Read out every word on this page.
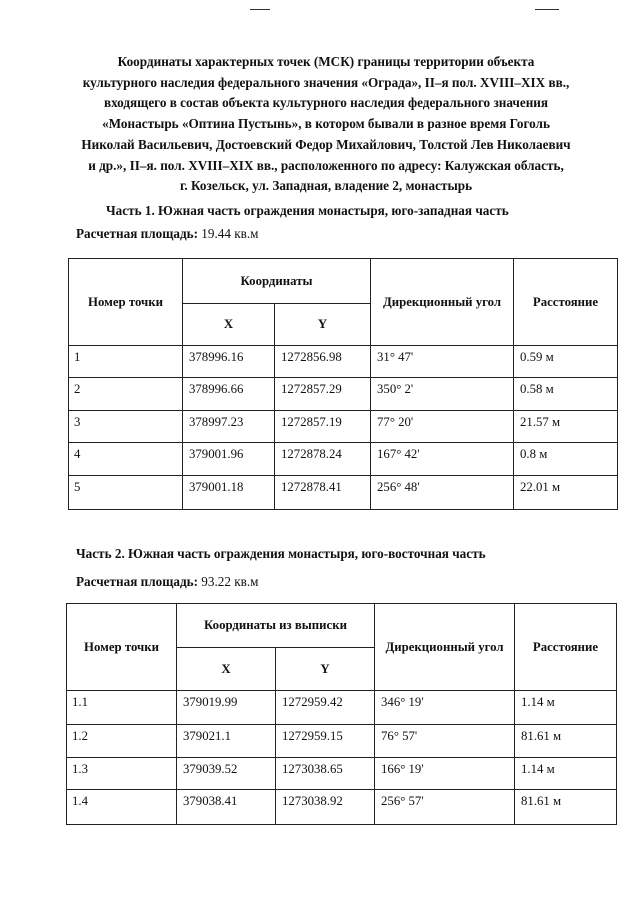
Координаты характерных точек (МСК) границы территории объекта
культурного наследия федерального значения «Ограда», II–я пол. XVIII–XIX вв.,
входящего в состав объекта культурного наследия федерального значения
«Монастырь «Оптина Пустынь», в котором бывали в разное время Гоголь
Николай Васильевич, Достоевский Федор Михайлович, Толстой Лев Николаевич
и др.», II–я. пол. XVIII–XIX вв., расположенного по адресу: Калужская область,
г. Козельск, ул. Западная, владение 2, монастырь
Часть 1. Южная часть ограждения монастыря, юго-западная часть
Расчетная площадь: 19.44 кв.м
Номер точки	Координаты		Дирекционный угол	Расстояние
	X	Y		
1	378996.16	1272856.98	31° 47'	0.59 м
2	378996.66	1272857.29	350° 2'	0.58 м
3	378997.23	1272857.19	77° 20'	21.57 м
4	379001.96	1272878.24	167° 42'	0.8 м
5	379001.18	1272878.41	256° 48'	22.01 м
Часть 2. Южная часть ограждения монастыря, юго-восточная часть
Расчетная площадь: 93.22 кв.м
Номер точки	Координаты из выписки		Дирекционный угол	Расстояние
	X	Y		
1.1	379019.99	1272959.42	346° 19'	1.14 м
1.2	379021.1	1272959.15	76° 57'	81.61 м
1.3	379039.52	1273038.65	166° 19'	1.14 м
1.4	379038.41	1273038.92	256° 57'	81.61 м
